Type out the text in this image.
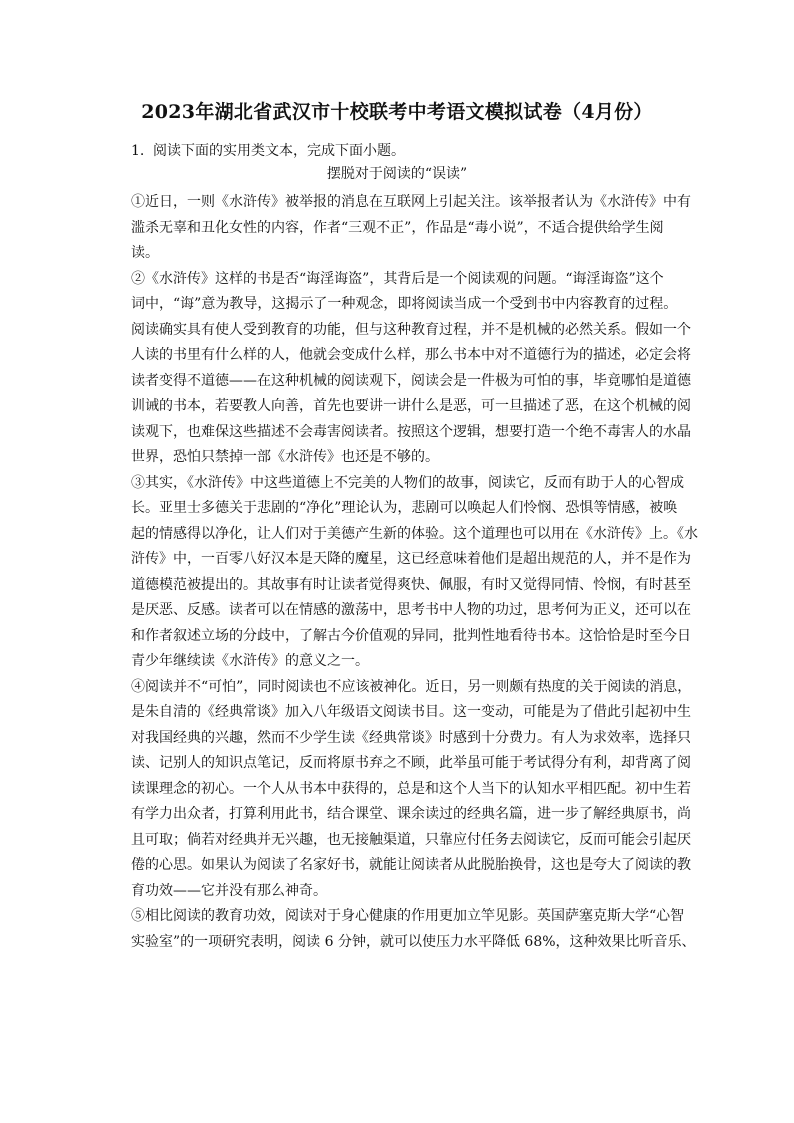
2023年湖北省武汉市十校联考中考语文模拟试卷（4月份）
1. 阅读下面的实用类文本，完成下面小题。
摆脱对于阅读的“误读”
①近日，一则《水浒传》被举报的消息在互联网上引起关注。该举报者认为《水浒传》中有
滥杀无辜和丑化女性的内容，作者“三观不正”，作品是“毒小说”，不适合提供给学生阅
读。
②《水浒传》这样的书是否“诲淫诲盗”，其背后是一个阅读观的问题。“诲淫诲盗”这个
词中，“诲”意为教导，这揭示了一种观念，即将阅读当成一个受到书中内容教育的过程。
阅读确实具有使人受到教育的功能，但与这种教育过程，并不是机械的必然关系。假如一个
人读的书里有什么样的人，他就会变成什么样，那么书本中对不道德行为的描述，必定会将
读者变得不道德——在这种机械的阅读观下，阅读会是一件极为可怕的事，毕竟哪怕是道德
训诫的书本，若要教人向善，首先也要讲一讲什么是恶，可一旦描述了恶，在这个机械的阅
读观下，也难保这些描述不会毒害阅读者。按照这个逻辑，想要打造一个绝不毒害人的水晶
世界，恐怕只禁掉一部《水浒传》也还是不够的。
③其实，《水浒传》中这些道德上不完美的人物们的故事，阅读它，反而有助于人的心智成
长。亚里士多德关于悲剧的“净化”理论认为，悲剧可以唤起人们怜悯、恐惧等情感，被唤
起的情感得以净化，让人们对于美德产生新的体验。这个道理也可以用在《水浒传》上。《水
浒传》中，一百零八好汉本是天降的魔星，这已经意味着他们是超出规范的人，并不是作为
道德模范被提出的。其故事有时让读者觉得爽快、佩服，有时又觉得同情、怜悯，有时甚至
是厌恶、反感。读者可以在情感的激荡中，思考书中人物的功过，思考何为正义，还可以在
和作者叙述立场的分歧中，了解古今价值观的异同，批判性地看待书本。这恰恰是时至今日
青少年继续读《水浒传》的意义之一。
④阅读并不“可怕”，同时阅读也不应该被神化。近日，另一则颇有热度的关于阅读的消息，
是朱自清的《经典常谈》加入八年级语文阅读书目。这一变动，可能是为了借此引起初中生
对我国经典的兴趣，然而不少学生读《经典常谈》时感到十分费力。有人为求效率，选择只
读、记别人的知识点笔记，反而将原书弃之不顾，此举虽可能于考试得分有利，却背离了阅
读课理念的初心。一个人从书本中获得的，总是和这个人当下的认知水平相匹配。初中生若
有学力出众者，打算利用此书，结合课堂、课余读过的经典名篇，进一步了解经典原书，尚
且可取；倘若对经典并无兴趣，也无接触渠道，只靠应付任务去阅读它，反而可能会引起厌
倦的心思。如果认为阅读了名家好书，就能让阅读者从此脱胎换骨，这也是夸大了阅读的教
育功效——它并没有那么神奇。
⑤相比阅读的教育功效，阅读对于身心健康的作用更加立竿见影。英国萨塞克斯大学“心智
实验室”的一项研究表明，阅读 6 分钟，就可以使压力水平降低 68%，这种效果比听音乐、
